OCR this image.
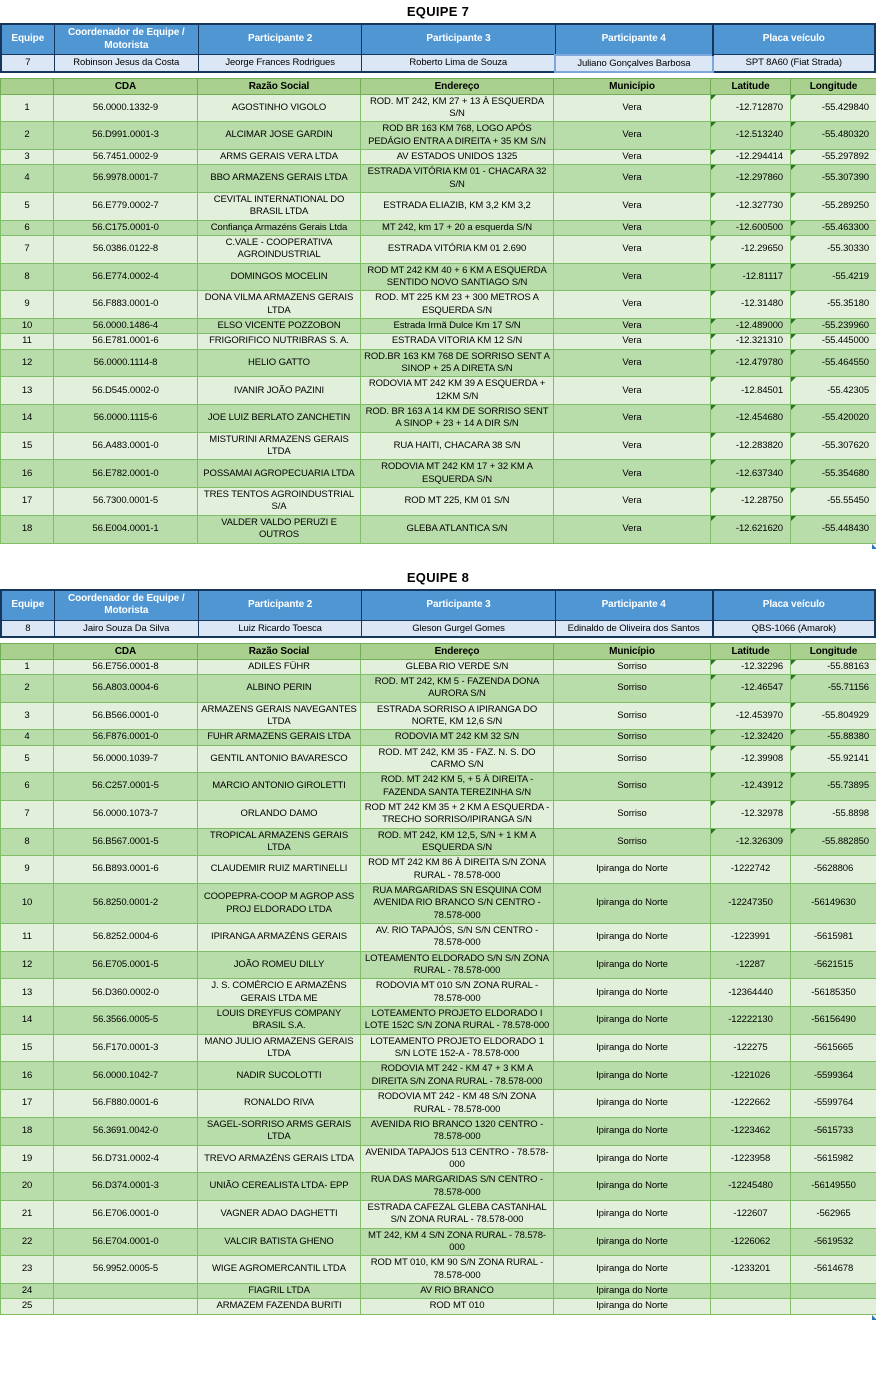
EQUIPE 7
Equipe	Coordenador de Equipe / Motorista	Participante 2	Participante 3	Participante 4	Placa veículo
7	Robinson Jesus da Costa	Jeorge Frances Rodrigues	Roberto Lima de Souza	Juliano Gonçalves Barbosa	SPT 8A60 (Fiat Strada)
	CDA	Razão Social	Endereço	Município	Latitude	Longitude
1	56.0000.1332-9	AGOSTINHO VIGOLO	ROD. MT 242, KM 27 + 13 À ESQUERDA S/N	Vera	-12.712870	-55.429840
2	56.D991.0001-3	ALCIMAR JOSE GARDIN	ROD BR 163 KM 768, LOGO APÓS PEDÁGIO ENTRA A DIREITA + 35 KM S/N	Vera	-12.513240	-55.480320
3	56.7451.0002-9	ARMS GERAIS VERA LTDA	AV ESTADOS UNIDOS 1325	Vera	-12.294414	-55.297892
4	56.9978.0001-7	BBO ARMAZENS GERAIS LTDA	ESTRADA VITÓRIA KM 01 - CHACARA 32 S/N	Vera	-12.297860	-55.307390
5	56.E779.0002-7	CEVITAL INTERNATIONAL DO BRASIL LTDA	ESTRADA ELIAZIB, KM 3,2 KM 3,2	Vera	-12.327730	-55.289250
6	56.C175.0001-0	Confiança Armazéns Gerais Ltda	MT 242, km 17 + 20 a esquerda S/N	Vera	-12.600500	-55.463300
7	56.0386.0122-8	C.VALE - COOPERATIVA AGROINDUSTRIAL	ESTRADA VITÓRIA KM 01 2.690	Vera	-12.29650	-55.30330
8	56.E774.0002-4	DOMINGOS MOCELIN	ROD MT 242 KM 40 + 6 KM A ESQUERDA SENTIDO NOVO SANTIAGO S/N	Vera	-12.81117	-55.4219
9	56.F883.0001-0	DONA VILMA ARMAZENS GERAIS LTDA	ROD. MT 225 KM 23 + 300 METROS A ESQUERDA S/N	Vera	-12.31480	-55.35180
10	56.0000.1486-4	ELSO VICENTE POZZOBON	Estrada Irmã Dulce Km 17 S/N	Vera	-12.489000	-55.239960
11	56.E781.0001-6	FRIGORIFICO NUTRIBRAS S. A.	ESTRADA VITORIA KM 12 S/N	Vera	-12.321310	-55.445000
12	56.0000.1114-8	HELIO GATTO	ROD.BR 163 KM 768 DE SORRISO SENT A SINOP + 25 A DIRETA S/N	Vera	-12.479780	-55.464550
13	56.D545.0002-0	IVANIR JOÃO PAZINI	RODOVIA MT 242 KM 39 A ESQUERDA + 12KM S/N	Vera	-12.84501	-55.42305
14	56.0000.1115-6	JOE LUIZ BERLATO ZANCHETIN	ROD. BR 163 A 14 KM DE SORRISO SENT A SINOP + 23 + 14 A DIR S/N	Vera	-12.454680	-55.420020
15	56.A483.0001-0	MISTURINI ARMAZENS GERAIS LTDA	RUA HAITI, CHACARA 38 S/N	Vera	-12.283820	-55.307620
16	56.E782.0001-0	POSSAMAI AGROPECUARIA LTDA	RODOVIA MT 242 KM 17 + 32 KM A ESQUERDA S/N	Vera	-12.637340	-55.354680
17	56.7300.0001-5	TRES TENTOS AGROINDUSTRIAL S/A	ROD MT 225, KM 01 S/N	Vera	-12.28750	-55.55450
18	56.E004.0001-1	VALDER VALDO PERUZI E OUTROS	GLEBA ATLANTICA S/N	Vera	-12.621620	-55.448430
EQUIPE 8
Equipe	Coordenador de Equipe / Motorista	Participante 2	Participante 3	Participante 4	Placa veículo
8	Jairo Souza Da Silva	Luiz Ricardo Toesca	Gleson Gurgel Gomes	Edinaldo de Oliveira dos Santos	QBS-1066 (Amarok)
	CDA	Razão Social	Endereço	Município	Latitude	Longitude
1	56.E756.0001-8	ADILES FÜHR	GLEBA RIO VERDE S/N	Sorriso	-12.32296	-55.88163
2	56.A803.0004-6	ALBINO PERIN	ROD. MT 242, KM 5 - FAZENDA DONA AURORA S/N	Sorriso	-12.46547	-55.71156
3	56.B566.0001-0	ARMAZENS GERAIS NAVEGANTES LTDA	ESTRADA SORRISO A IPIRANGA DO NORTE, KM 12,6 S/N	Sorriso	-12.453970	-55.804929
4	56.F876.0001-0	FUHR ARMAZENS GERAIS LTDA	RODOVIA MT 242 KM 32 S/N	Sorriso	-12.32420	-55.88380
5	56.0000.1039-7	GENTIL ANTONIO BAVARESCO	ROD. MT 242, KM 35 - FAZ. N. S. DO CARMO S/N	Sorriso	-12.39908	-55.92141
6	56.C257.0001-5	MARCIO ANTONIO GIROLETTI	ROD. MT 242 KM 5, + 5 À DIREITA - FAZENDA SANTA TEREZINHA S/N	Sorriso	-12.43912	-55.73895
7	56.0000.1073-7	ORLANDO DAMO	ROD MT 242 KM 35 + 2 KM A ESQUERDA - TRECHO SORRISO/IPIRANGA S/N	Sorriso	-12.32978	-55.8898
8	56.B567.0001-5	TROPICAL ARMAZENS GERAIS LTDA	ROD. MT 242, KM 12,5, S/N + 1 KM A ESQUERDA S/N	Sorriso	-12.326309	-55.882850
9	56.B893.0001-6	CLAUDEMIR RUIZ MARTINELLI	ROD MT 242 KM 86 À DIREITA S/N ZONA RURAL - 78.578-000	Ipiranga do Norte	-1222742	-5628806
10	56.8250.0001-2	COOPEPRA-COOP M AGROP ASS PROJ ELDORADO LTDA	RUA MARGARIDAS SN ESQUINA COM AVENIDA RIO BRANCO S/N CENTRO - 78.578-000	Ipiranga do Norte	-12247350	-56149630
11	56.8252.0004-6	IPIRANGA ARMAZÉNS GERAIS	AV. RIO TAPAJÓS, S/N S/N CENTRO - 78.578-000	Ipiranga do Norte	-1223991	-5615981
12	56.E705.0001-5	JOÃO ROMEU DILLY	LOTEAMENTO ELDORADO S/N S/N ZONA RURAL - 78.578-000	Ipiranga do Norte	-12287	-5621515
13	56.D360.0002-0	J. S. COMÉRCIO E ARMAZÉNS GERAIS LTDA ME	RODOVIA MT 010 S/N ZONA RURAL - 78.578-000	Ipiranga do Norte	-12364440	-56185350
14	56.3566.0005-5	LOUIS DREYFUS COMPANY BRASIL S.A.	LOTEAMENTO PROJETO ELDORADO I LOTE 152C S/N ZONA RURAL - 78.578-000	Ipiranga do Norte	-12222130	-56156490
15	56.F170.0001-3	MANO JULIO ARMAZENS GERAIS LTDA	LOTEAMENTO PROJETO ELDORADO 1 S/N LOTE 152-A - 78.578-000	Ipiranga do Norte	-122275	-5615665
16	56.0000.1042-7	NADIR SUCOLOTTI	RODOVIA MT 242 - KM 47 + 3 KM A DIREITA S/N ZONA RURAL - 78.578-000	Ipiranga do Norte	-1221026	-5599364
17	56.F880.0001-6	RONALDO RIVA	RODOVIA MT 242 - KM 48 S/N ZONA RURAL - 78.578-000	Ipiranga do Norte	-1222662	-5599764
18	56.3691.0042-0	SAGEL-SORRISO ARMS GERAIS LTDA	AVENIDA RIO BRANCO 1320 CENTRO - 78.578-000	Ipiranga do Norte	-1223462	-5615733
19	56.D731.0002-4	TREVO ARMAZÉNS GERAIS LTDA	AVENIDA TAPAJOS 513 CENTRO - 78.578-000	Ipiranga do Norte	-1223958	-5615982
20	56.D374.0001-3	UNIÃO CEREALISTA LTDA- EPP	RUA DAS MARGARIDAS S/N CENTRO - 78.578-000	Ipiranga do Norte	-12245480	-56149550
21	56.E706.0001-0	VAGNER ADAO DAGHETTI	ESTRADA CAFEZAL GLEBA CASTANHAL S/N ZONA RURAL - 78.578-000	Ipiranga do Norte	-122607	-562965
22	56.E704.0001-0	VALCIR BATISTA GHENO	MT 242, KM 4 S/N ZONA RURAL - 78.578-000	Ipiranga do Norte	-1226062	-5619532
23	56.9952.0005-5	WIGE AGROMERCANTIL LTDA	ROD MT 010, KM 90 S/N ZONA RURAL - 78.578-000	Ipiranga do Norte	-1233201	-5614678
24		FIAGRIL LTDA	AV RIO BRANCO	Ipiranga do Norte		
25		ARMAZEM FAZENDA BURITI	ROD MT 010	Ipiranga do Norte		
